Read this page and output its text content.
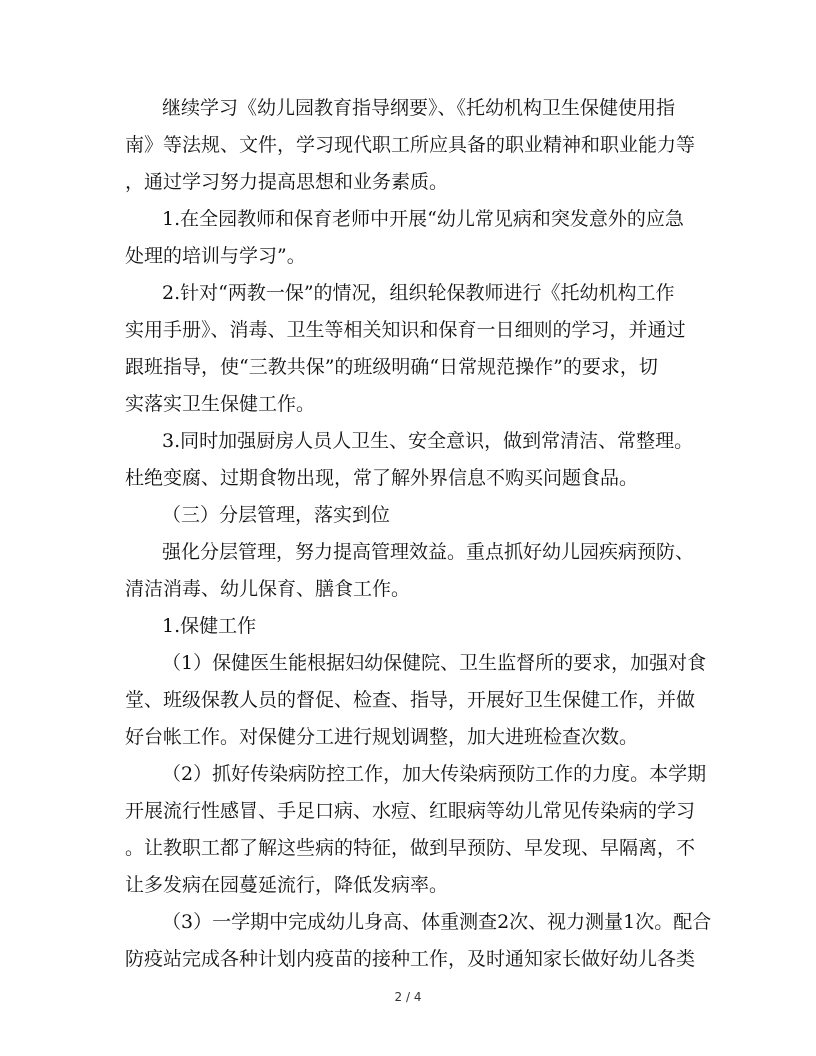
继续学习《幼儿园教育指导纲要》、《托幼机构卫生保健使用指
南》等法规、文件，学习现代职工所应具备的职业精神和职业能力等
，通过学习努力提高思想和业务素质。
1.在全园教师和保育老师中开展“幼儿常见病和突发意外的应急
处理的培训与学习”。
2.针对“两教一保”的情况，组织轮保教师进行《托幼机构工作
实用手册》、消毒、卫生等相关知识和保育一日细则的学习，并通过
跟班指导，使“三教共保”的班级明确“日常规范操作”的要求，切
实落实卫生保健工作。
3.同时加强厨房人员人卫生、安全意识，做到常清洁、常整理。
杜绝变腐、过期食物出现，常了解外界信息不购买问题食品。
（三）分层管理，落实到位
强化分层管理，努力提高管理效益。重点抓好幼儿园疾病预防、
清洁消毒、幼儿保育、膳食工作。
1.保健工作
（1）保健医生能根据妇幼保健院、卫生监督所的要求，加强对食
堂、班级保教人员的督促、检查、指导，开展好卫生保健工作，并做
好台帐工作。对保健分工进行规划调整，加大进班检查次数。
（2）抓好传染病防控工作，加大传染病预防工作的力度。本学期
开展流行性感冒、手足口病、水痘、红眼病等幼儿常见传染病的学习
。让教职工都了解这些病的特征，做到早预防、早发现、早隔离，不
让多发病在园蔓延流行，降低发病率。
（3）一学期中完成幼儿身高、体重测查2次、视力测量1次。配合
防疫站完成各种计划内疫苗的接种工作，及时通知家长做好幼儿各类
2 / 4
